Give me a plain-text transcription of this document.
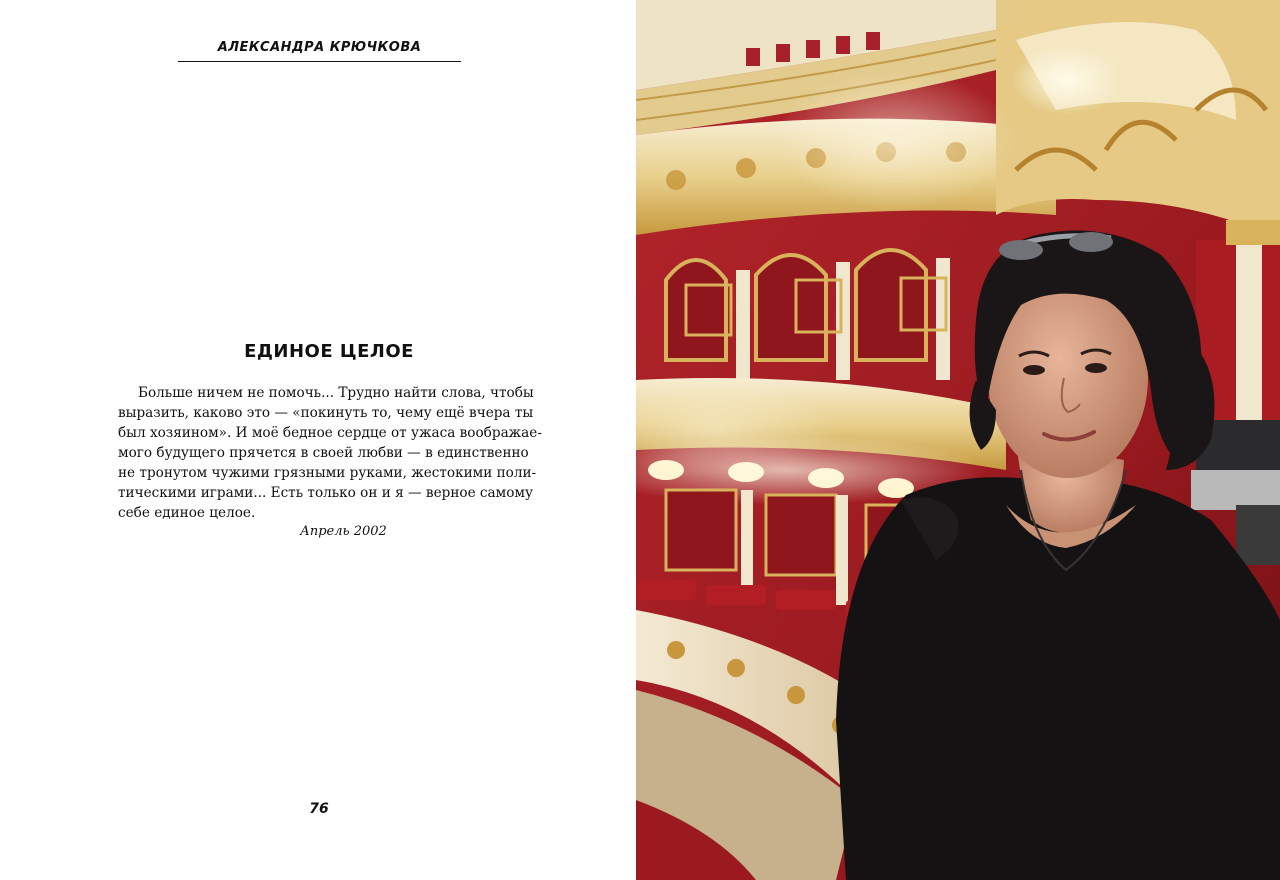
АЛЕКСАНДРА КРЮЧКОВА
ЕДИНОЕ ЦЕЛОЕ
Больше ничем не помочь... Трудно найти слова, чтобы
выразить, каково это — «покинуть то, чему ещё вчера ты
был хозяином». И моё бедное сердце от ужаса воображае-
мого будущего прячется в своей любви — в единственно
не тронутом чужими грязными руками, жестокими поли-
тическими играми... Есть только он и я — верное самому
себе единое целое.
Апрель 2002
76
